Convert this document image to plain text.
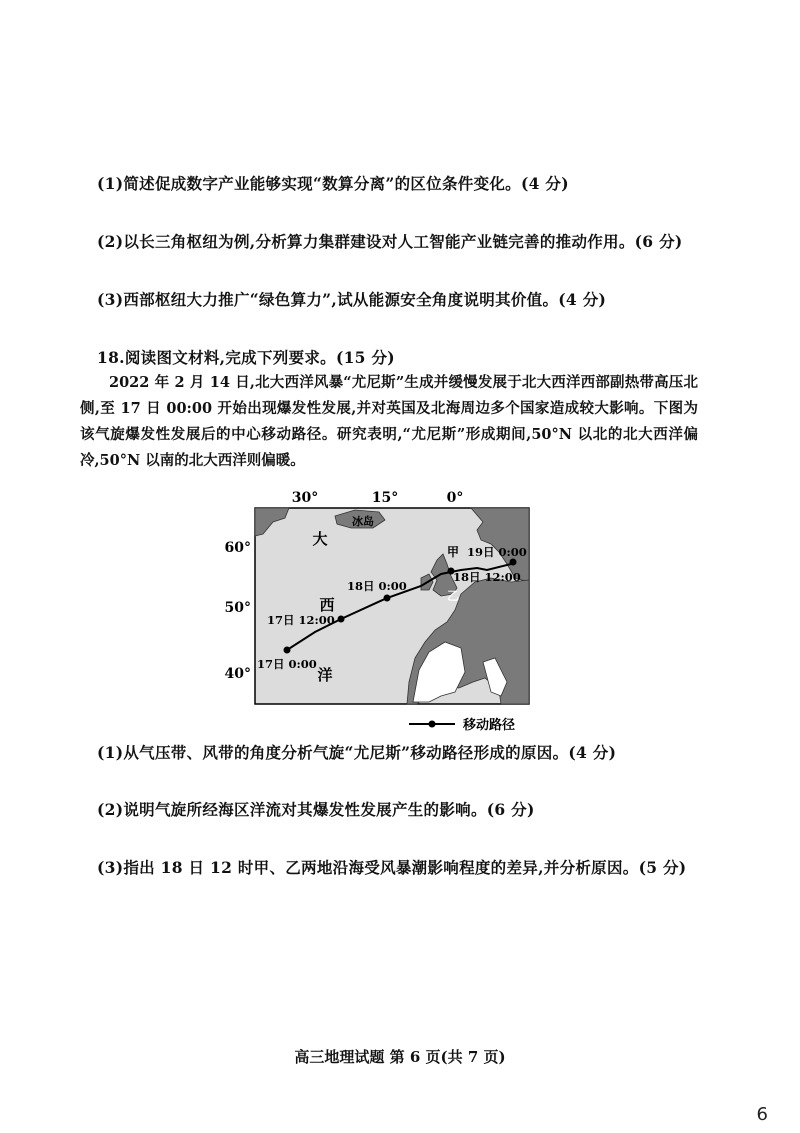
(1)简述促成数字产业能够实现“数算分离”的区位条件变化。(4 分)
(2)以长三角枢纽为例,分析算力集群建设对人工智能产业链完善的推动作用。(6 分)
(3)西部枢纽大力推广“绿色算力”,试从能源安全角度说明其价值。(4 分)
18.阅读图文材料,完成下列要求。(15 分)

2022 年 2 月 14 日,北大西洋风暴“尤尼斯”生成并缓慢发展于北大西洋西部副热带高压北侧,至 17 日 00:00 开始出现爆发性发展,并对英国及北海周边多个国家造成较大影响。下图为该气旋爆发性发展后的中心移动路径。研究表明,“尤尼斯”形成期间,50°N 以北的北大西洋偏冷,50°N 以南的北大西洋则偏暖。

30°	15°	0°
60°
50°
40°
冰岛
大
西
洋
17日 0:00
17日 12:00
18日 0:00
18日 12:00
19日 0:00
甲
乙
移动路径
(1)从气压带、风带的角度分析气旋“尤尼斯”移动路径形成的原因。(4 分)
(2)说明气旋所经海区洋流对其爆发性发展产生的影响。(6 分)
(3)指出 18 日 12 时甲、乙两地沿海受风暴潮影响程度的差异,并分析原因。(5 分)
高三地理试题 第 6 页(共 7 页)
6
